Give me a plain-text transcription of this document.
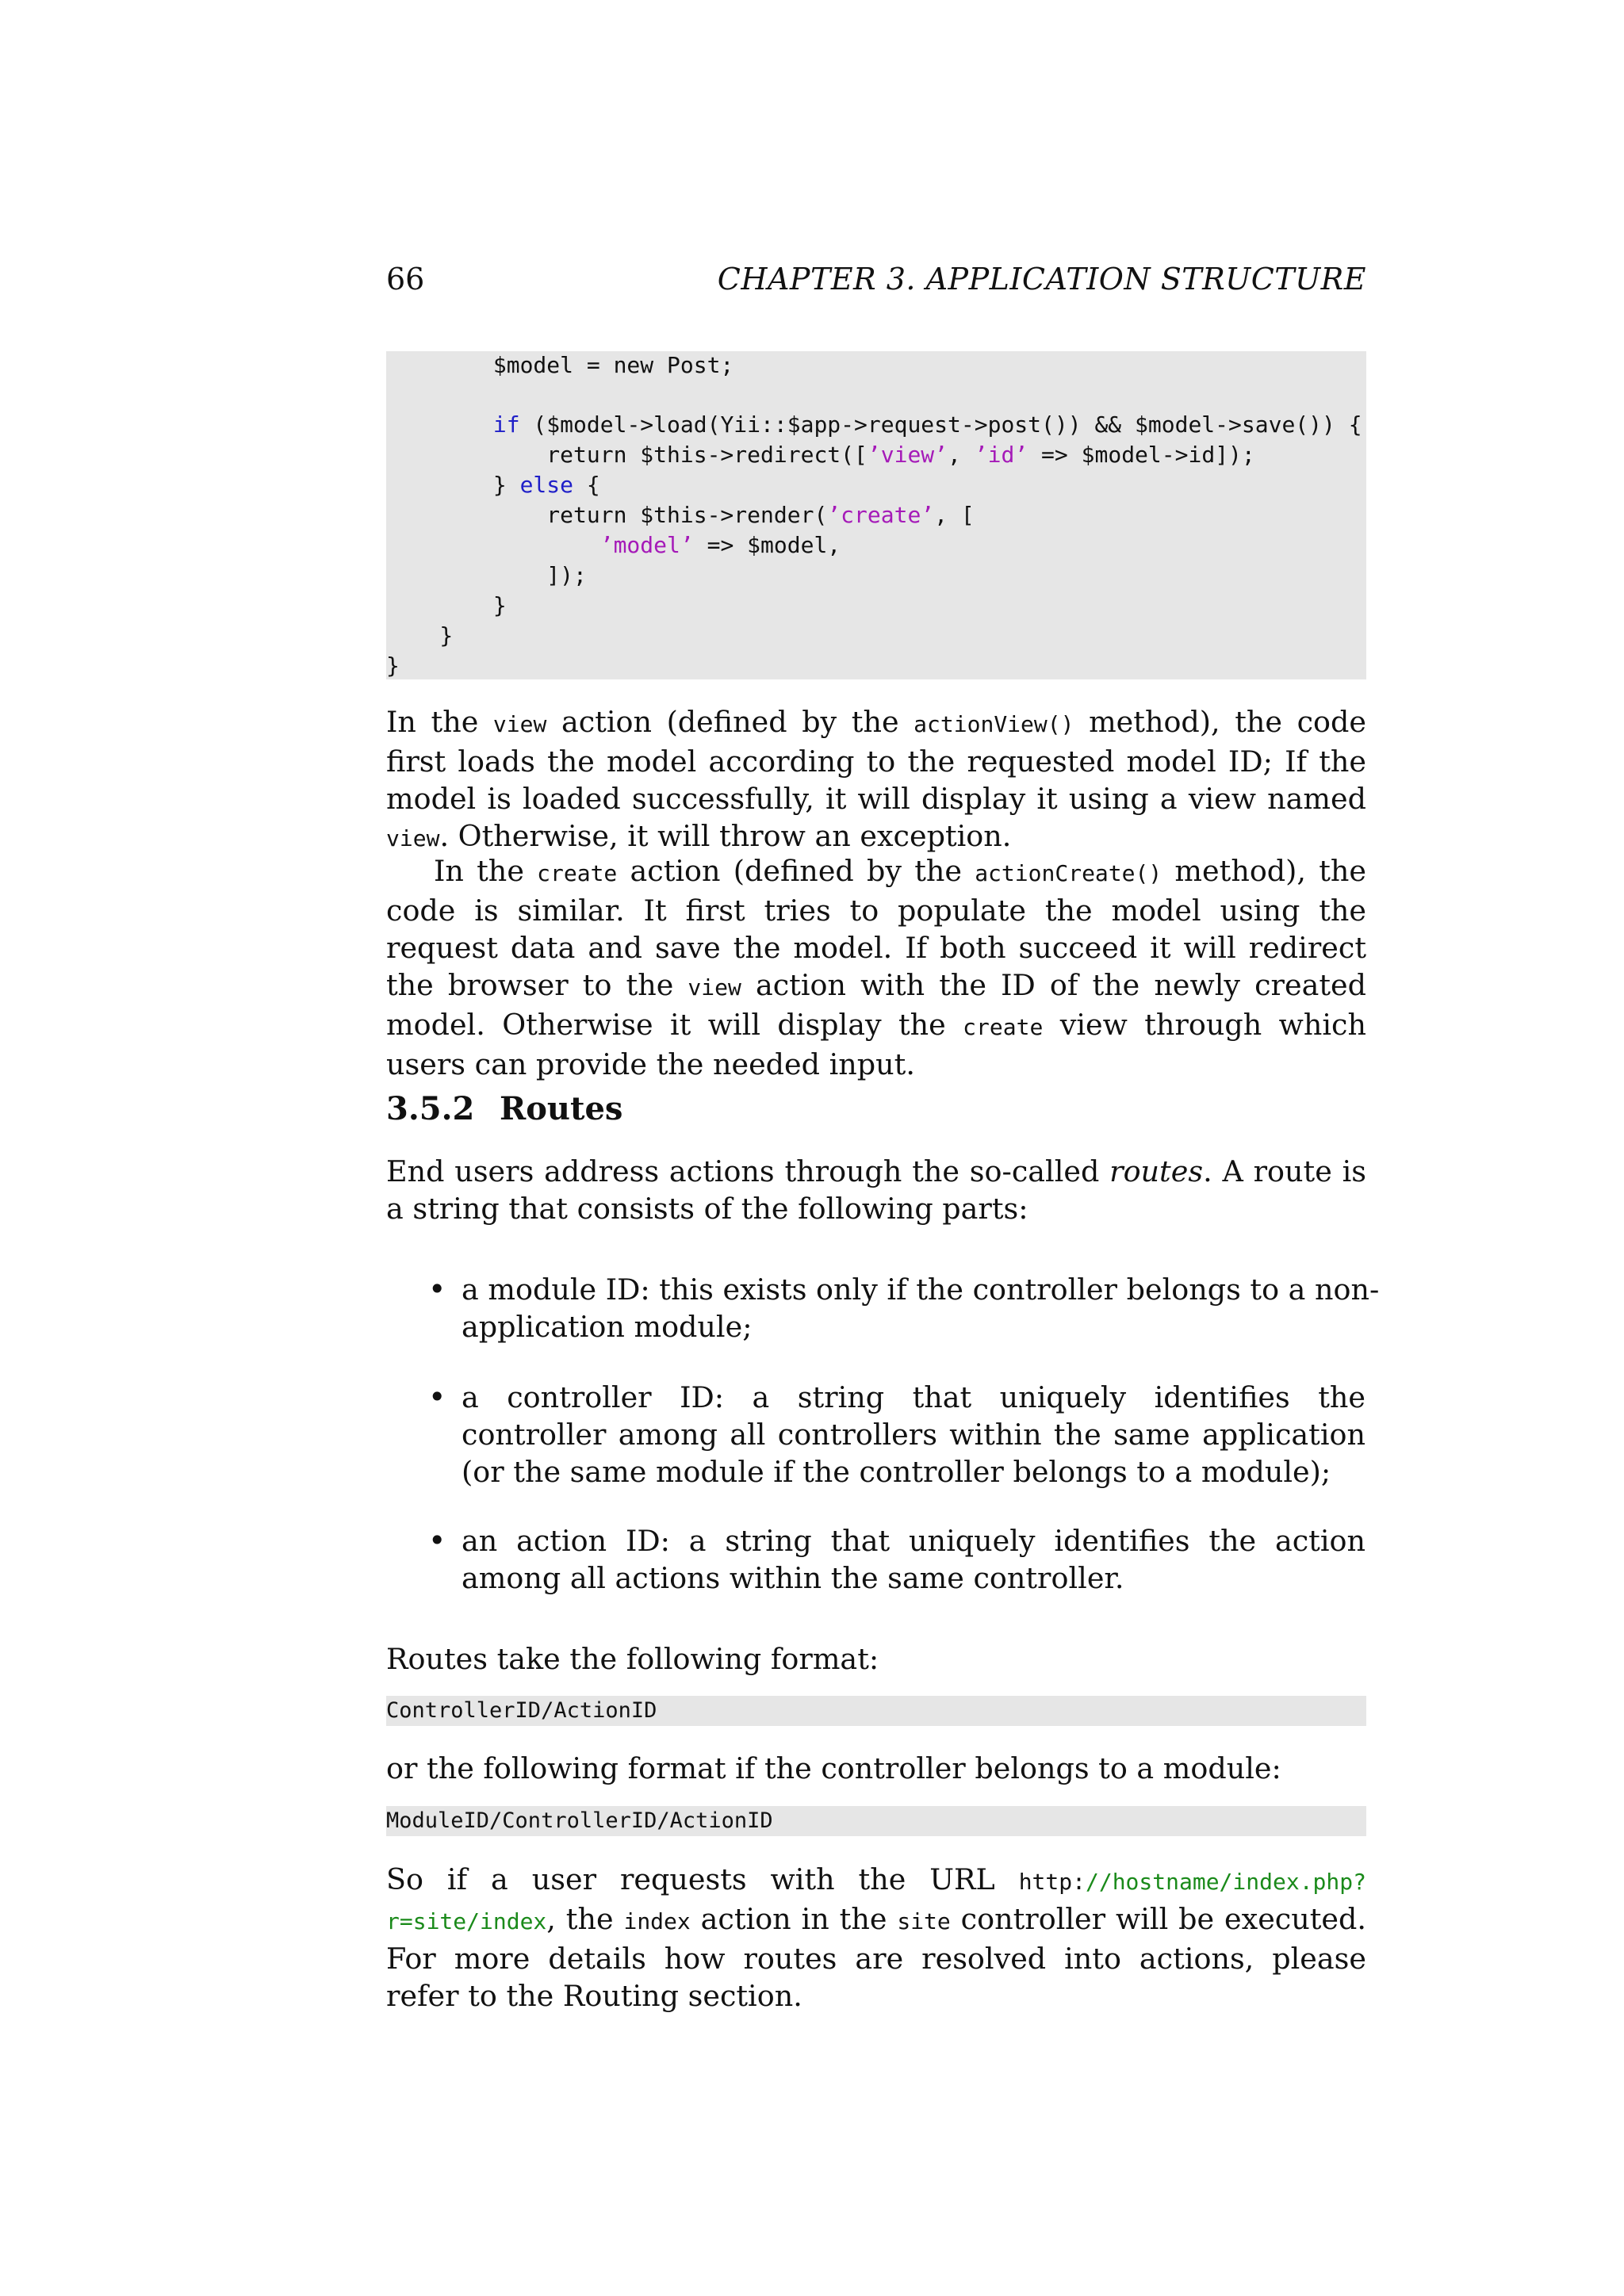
66	CHAPTER 3. APPLICATION STRUCTURE
$model = new Post;
if ($model->load(Yii::$app->request->post()) && $model->save()) {
return $this->redirect([’view’, ’id’ => $model->id]);
} else {
return $this->render(’create’, [
’model’ => $model,
]);
}
}
}

In the view action (defined by the actionView() method), the code first loads the model according to the requested model ID; If the model is loaded successfully, it will display it using a view named view. Otherwise, it will throw an exception.

In the create action (defined by the actionCreate() method), the code is similar. It first tries to populate the model using the request data and save the model. If both succeed it will redirect the browser to the view action with the ID of the newly created model. Otherwise it will display the create view through which users can provide the needed input.

3.5.2 Routes

End users address actions through the so-called routes. A route is a string that consists of the following parts:

• a module ID: this exists only if the controller belongs to a non-application module;

• a controller ID: a string that uniquely identifies the controller among all controllers within the same application (or the same module if the controller belongs to a module);

• an action ID: a string that uniquely identifies the action among all actions within the same controller.

Routes take the following format:

ControllerID/ActionID

or the following format if the controller belongs to a module:

ModuleID/ControllerID/ActionID

So if a user requests with the URL http://hostname/index.php?r=site/index, the index action in the site controller will be executed. For more details how routes are resolved into actions, please refer to the Routing section.
